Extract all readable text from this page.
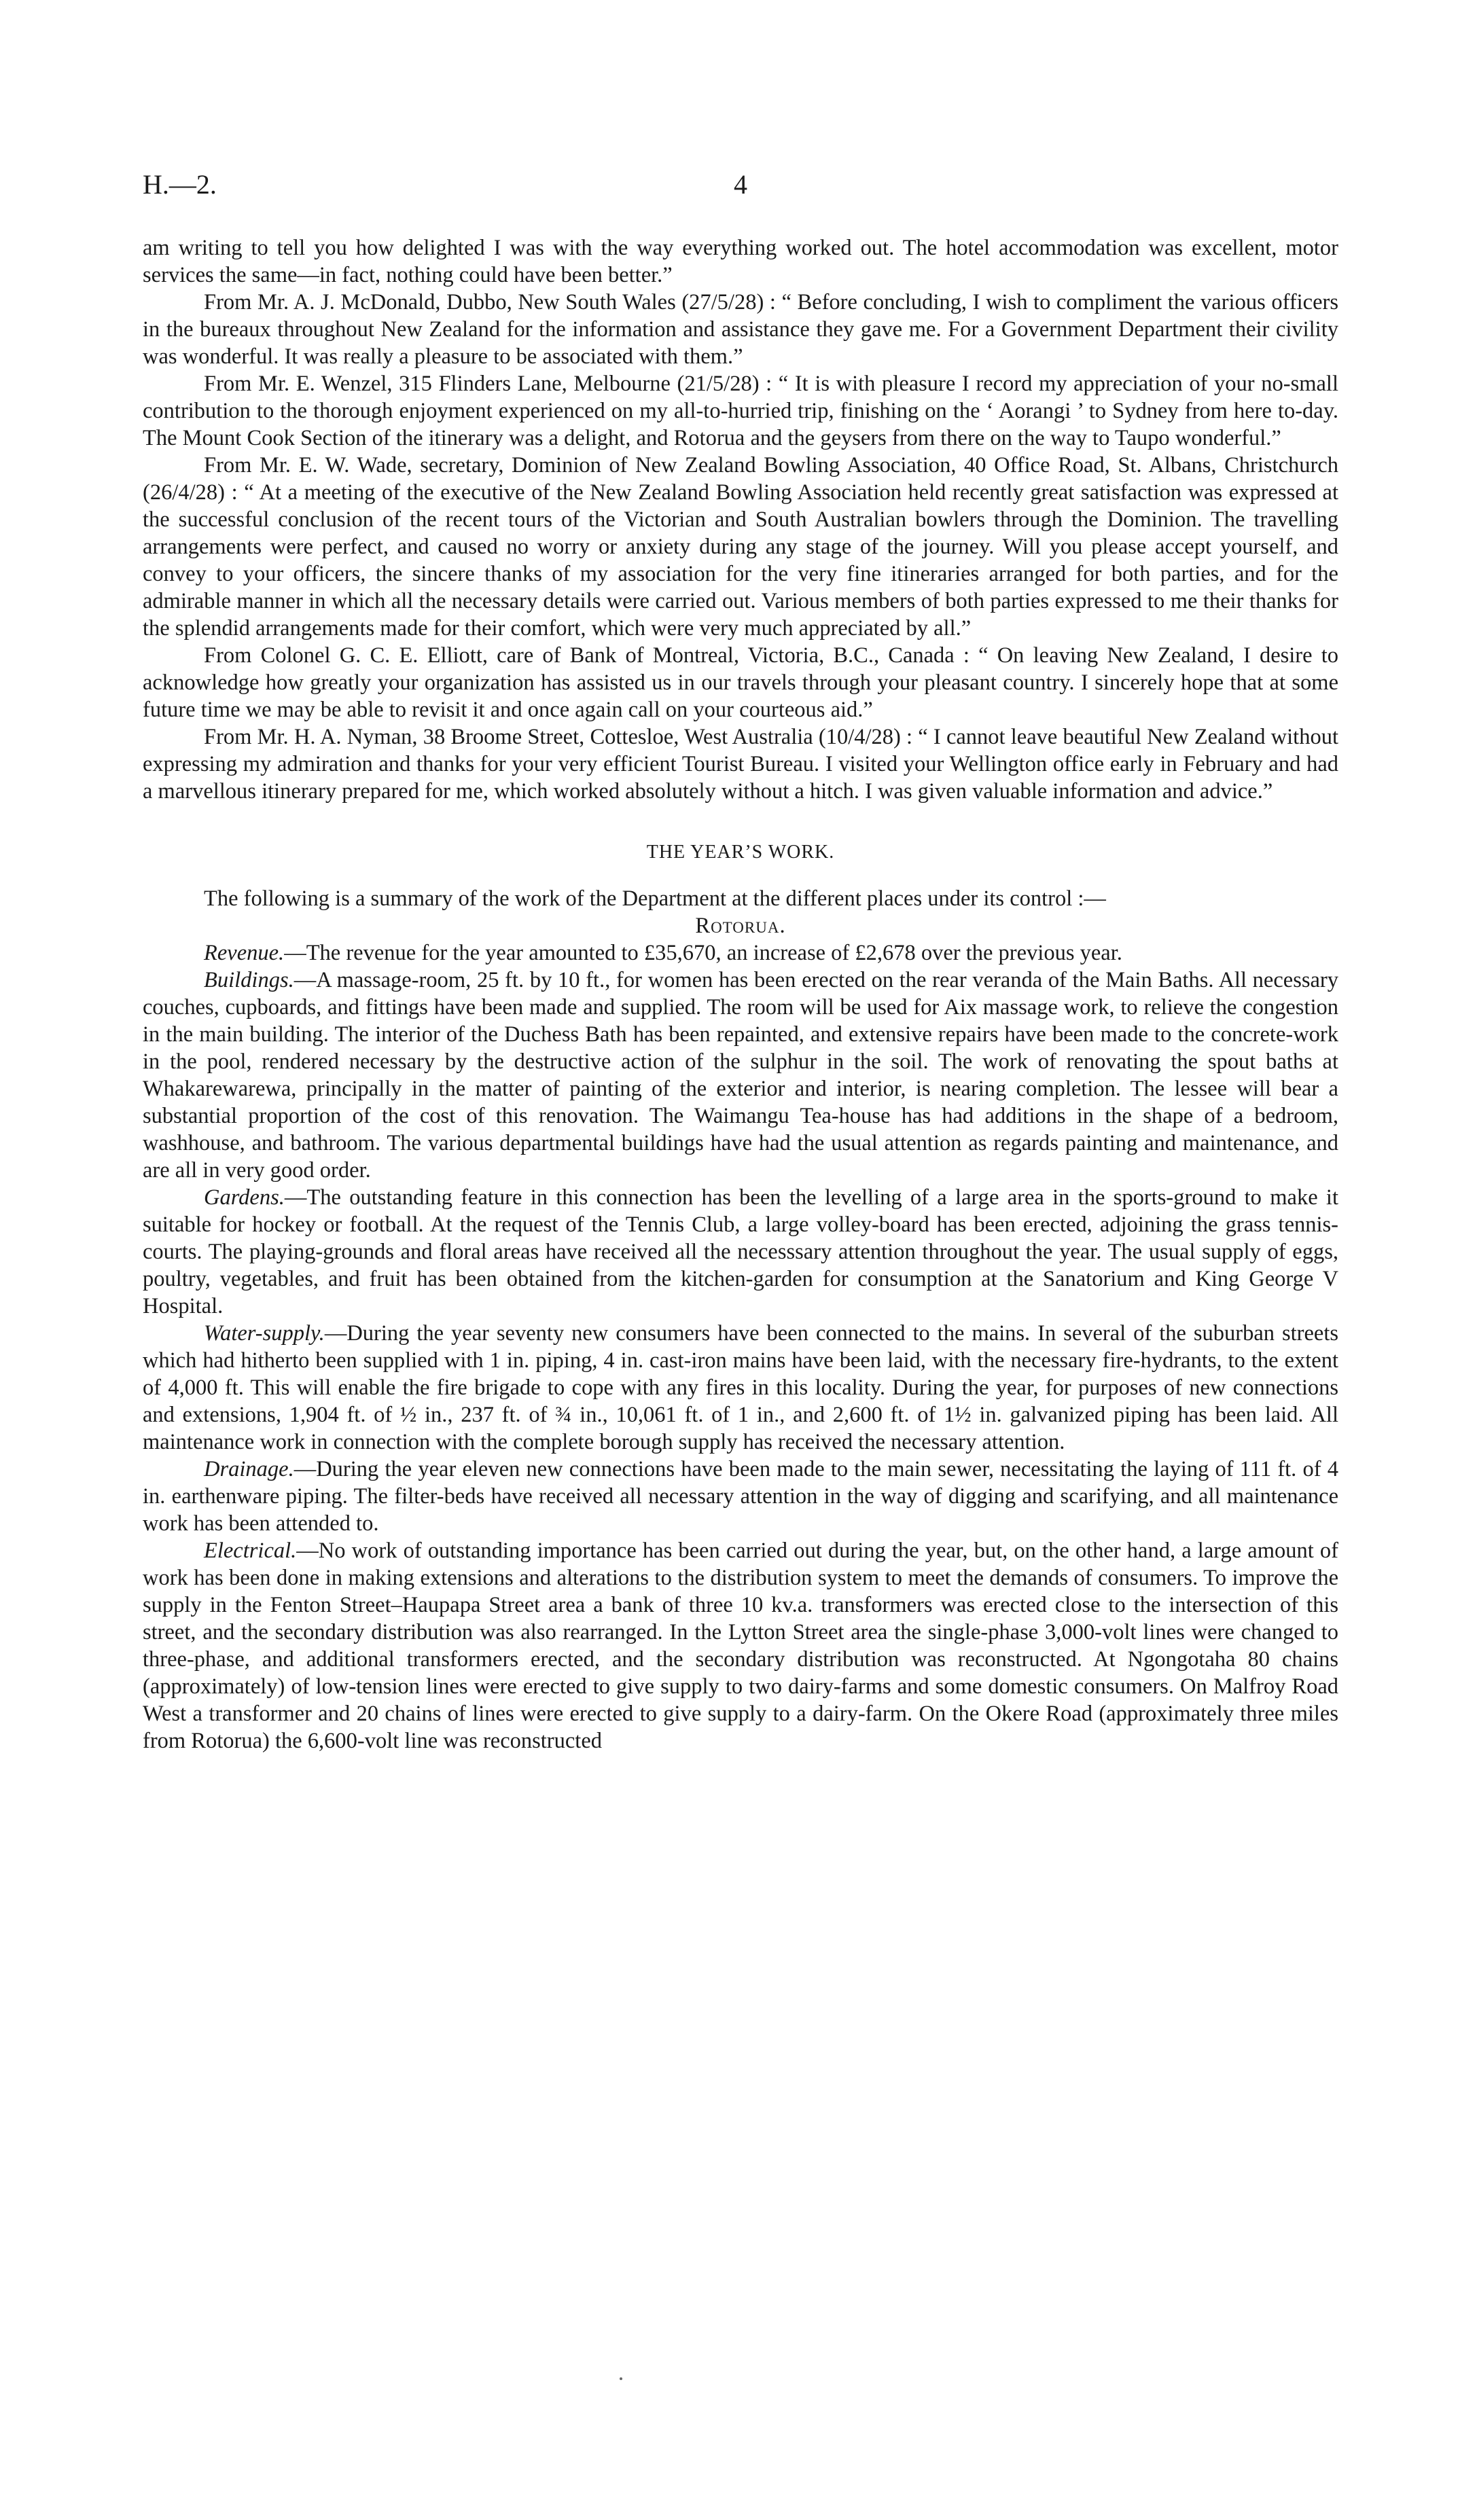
H.—2.	4

am writing to tell you how delighted I was with the way everything worked out. The hotel accommodation was excellent, motor services the same—in fact, nothing could have been better.”

From Mr. A. J. McDonald, Dubbo, New South Wales (27/5/28) : “ Before concluding, I wish to compliment the various officers in the bureaux throughout New Zealand for the information and assistance they gave me. For a Government Department their civility was wonderful. It was really a pleasure to be associated with them.”

From Mr. E. Wenzel, 315 Flinders Lane, Melbourne (21/5/28) : “ It is with pleasure I record my appreciation of your no-small contribution to the thorough enjoyment experienced on my all-to-hurried trip, finishing on the ‘ Aorangi ’ to Sydney from here to-day. The Mount Cook Section of the itinerary was a delight, and Rotorua and the geysers from there on the way to Taupo wonderful.”

From Mr. E. W. Wade, secretary, Dominion of New Zealand Bowling Association, 40 Office Road, St. Albans, Christchurch (26/4/28) : “ At a meeting of the executive of the New Zealand Bowling Association held recently great satisfaction was expressed at the successful conclusion of the recent tours of the Victorian and South Australian bowlers through the Dominion. The travelling arrangements were perfect, and caused no worry or anxiety during any stage of the journey. Will you please accept yourself, and convey to your officers, the sincere thanks of my association for the very fine itineraries arranged for both parties, and for the admirable manner in which all the necessary details were carried out. Various members of both parties expressed to me their thanks for the splendid arrangements made for their comfort, which were very much appreciated by all.”

From Colonel G. C. E. Elliott, care of Bank of Montreal, Victoria, B.C., Canada : “ On leaving New Zealand, I desire to acknowledge how greatly your organization has assisted us in our travels through your pleasant country. I sincerely hope that at some future time we may be able to revisit it and once again call on your courteous aid.”

From Mr. H. A. Nyman, 38 Broome Street, Cottesloe, West Australia (10/4/28) : “ I cannot leave beautiful New Zealand without expressing my admiration and thanks for your very efficient Tourist Bureau. I visited your Wellington office early in February and had a marvellous itinerary prepared for me, which worked absolutely without a hitch. I was given valuable information and advice.”

THE YEAR’S WORK.

The following is a summary of the work of the Department at the different places under its control :—

Rotorua.

Revenue.—The revenue for the year amounted to £35,670, an increase of £2,678 over the previous year.

Buildings.—A massage-room, 25 ft. by 10 ft., for women has been erected on the rear veranda of the Main Baths. All necessary couches, cupboards, and fittings have been made and supplied. The room will be used for Aix massage work, to relieve the congestion in the main building. The interior of the Duchess Bath has been repainted, and extensive repairs have been made to the concrete-work in the pool, rendered necessary by the destructive action of the sulphur in the soil. The work of renovating the spout baths at Whakarewarewa, principally in the matter of painting of the exterior and interior, is nearing completion. The lessee will bear a substantial proportion of the cost of this renovation. The Waimangu Tea-house has had additions in the shape of a bedroom, washhouse, and bathroom. The various departmental buildings have had the usual attention as regards painting and maintenance, and are all in very good order.

Gardens.—The outstanding feature in this connection has been the levelling of a large area in the sports-ground to make it suitable for hockey or football. At the request of the Tennis Club, a large volley-board has been erected, adjoining the grass tennis-courts. The playing-grounds and floral areas have received all the necesssary attention throughout the year. The usual supply of eggs, poultry, vegetables, and fruit has been obtained from the kitchen-garden for consumption at the Sanatorium and King George V Hospital.

Water-supply.—During the year seventy new consumers have been connected to the mains. In several of the suburban streets which had hitherto been supplied with 1 in. piping, 4 in. cast-iron mains have been laid, with the necessary fire-hydrants, to the extent of 4,000 ft. This will enable the fire brigade to cope with any fires in this locality. During the year, for purposes of new connections and extensions, 1,904 ft. of ½ in., 237 ft. of ¾ in., 10,061 ft. of 1 in., and 2,600 ft. of 1½ in. galvanized piping has been laid. All maintenance work in connection with the complete borough supply has received the necessary attention.

Drainage.—During the year eleven new connections have been made to the main sewer, necessitating the laying of 111 ft. of 4 in. earthenware piping. The filter-beds have received all necessary attention in the way of digging and scarifying, and all maintenance work has been attended to.

Electrical.—No work of outstanding importance has been carried out during the year, but, on the other hand, a large amount of work has been done in making extensions and alterations to the distribution system to meet the demands of consumers. To improve the supply in the Fenton Street–Haupapa Street area a bank of three 10 kv.a. transformers was erected close to the intersection of this street, and the secondary distribution was also rearranged. In the Lytton Street area the single-phase 3,000-volt lines were changed to three-phase, and additional transformers erected, and the secondary distribution was reconstructed. At Ngongotaha 80 chains (approximately) of low-tension lines were erected to give supply to two dairy-farms and some domestic consumers. On Malfroy Road West a transformer and 20 chains of lines were erected to give supply to a dairy-farm. On the Okere Road (approximately three miles from Rotorua) the 6,600-volt line was reconstructed
